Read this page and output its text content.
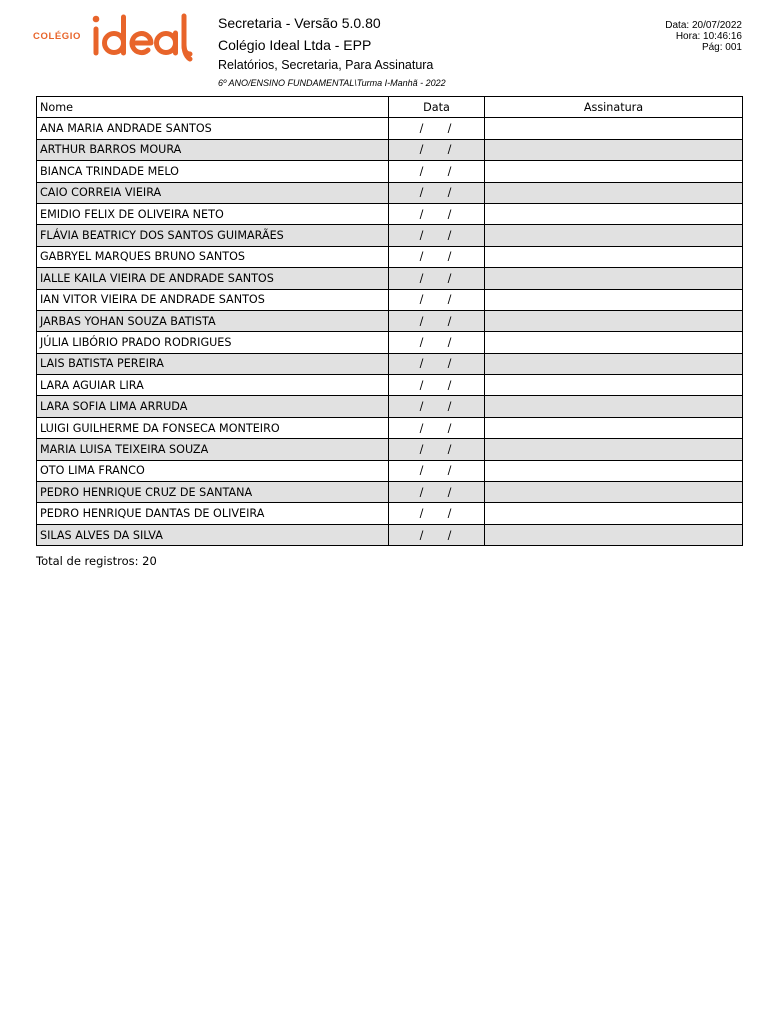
COLÉGIO
Secretaria - Versão 5.0.80
Colégio Ideal Ltda - EPP
Relatórios, Secretaria, Para Assinatura
6º ANO/ENSINO FUNDAMENTAL\Turma I-Manhã - 2022
Data: 20/07/2022
Hora: 10:46:16
Pág: 001
Nome	Data	Assinatura
ANA MARIA ANDRADE SANTOS	/    /	
ARTHUR BARROS MOURA	/    /	
BIANCA TRINDADE MELO	/    /	
CAIO CORREIA VIEIRA	/    /	
EMIDIO FELIX DE OLIVEIRA NETO	/    /	
FLÁVIA BEATRICY DOS SANTOS GUIMARÃES	/    /	
GABRYEL MARQUES BRUNO SANTOS	/    /	
IALLE KAILA VIEIRA DE ANDRADE SANTOS	/    /	
IAN VITOR VIEIRA DE ANDRADE SANTOS	/    /	
JARBAS YOHAN SOUZA BATISTA	/    /	
JÚLIA LIBÓRIO PRADO RODRIGUES	/    /	
LAIS BATISTA PEREIRA	/    /	
LARA AGUIAR LIRA	/    /	
LARA SOFIA LIMA ARRUDA	/    /	
LUIGI GUILHERME DA FONSECA MONTEIRO	/    /	
MARIA LUISA TEIXEIRA SOUZA	/    /	
OTO LIMA FRANCO	/    /	
PEDRO HENRIQUE CRUZ DE SANTANA	/    /	
PEDRO HENRIQUE DANTAS DE OLIVEIRA	/    /	
SILAS ALVES DA SILVA	/    /	
Total de registros: 20
